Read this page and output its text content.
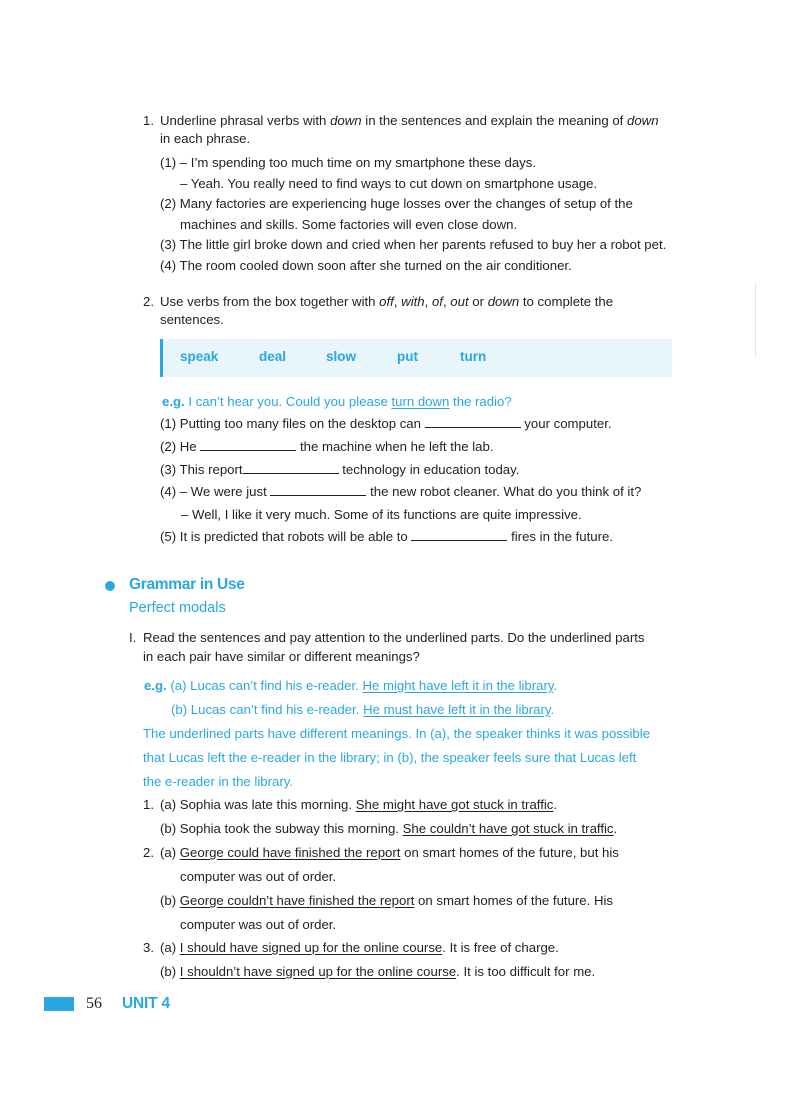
1. Underline phrasal verbs with down in the sentences and explain the meaning of down
in each phrase.
(1) – I’m spending too much time on my smartphone these days.
– Yeah. You really need to find ways to cut down on smartphone usage.
(2) Many factories are experiencing huge losses over the changes of setup of the
machines and skills. Some factories will even close down.
(3) The little girl broke down and cried when her parents refused to buy her a robot pet.
(4) The room cooled down soon after she turned on the air conditioner.
2. Use verbs from the box together with off, with, of, out or down to complete the
sentences.
speak	deal	slow	put	turn
e.g. I can’t hear you. Could you please turn down the radio?
(1) Putting too many files on the desktop can	your computer.
(2) He	the machine when he left the lab.
(3) This report	technology in education today.
(4) – We were just	the new robot cleaner. What do you think of it?
– Well, I like it very much. Some of its functions are quite impressive.
(5) It is predicted that robots will be able to	fires in the future.
Grammar in Use
Perfect modals
I. Read the sentences and pay attention to the underlined parts. Do the underlined parts
in each pair have similar or different meanings?
e.g. (a) Lucas can’t find his e-reader. He might have left it in the library.
(b) Lucas can’t find his e-reader. He must have left it in the library.
The underlined parts have different meanings. In (a), the speaker thinks it was possible
that Lucas left the e-reader in the library; in (b), the speaker feels sure that Lucas left
the e-reader in the library.
1. (a) Sophia was late this morning. She might have got stuck in traffic.
(b) Sophia took the subway this morning. She couldn’t have got stuck in traffic.
2. (a) George could have finished the report on smart homes of the future, but his
computer was out of order.
(b) George couldn’t have finished the report on smart homes of the future. His
computer was out of order.
3. (a) I should have signed up for the online course. It is free of charge.
(b) I shouldn’t have signed up for the online course. It is too difficult for me.
56 UNIT 4
